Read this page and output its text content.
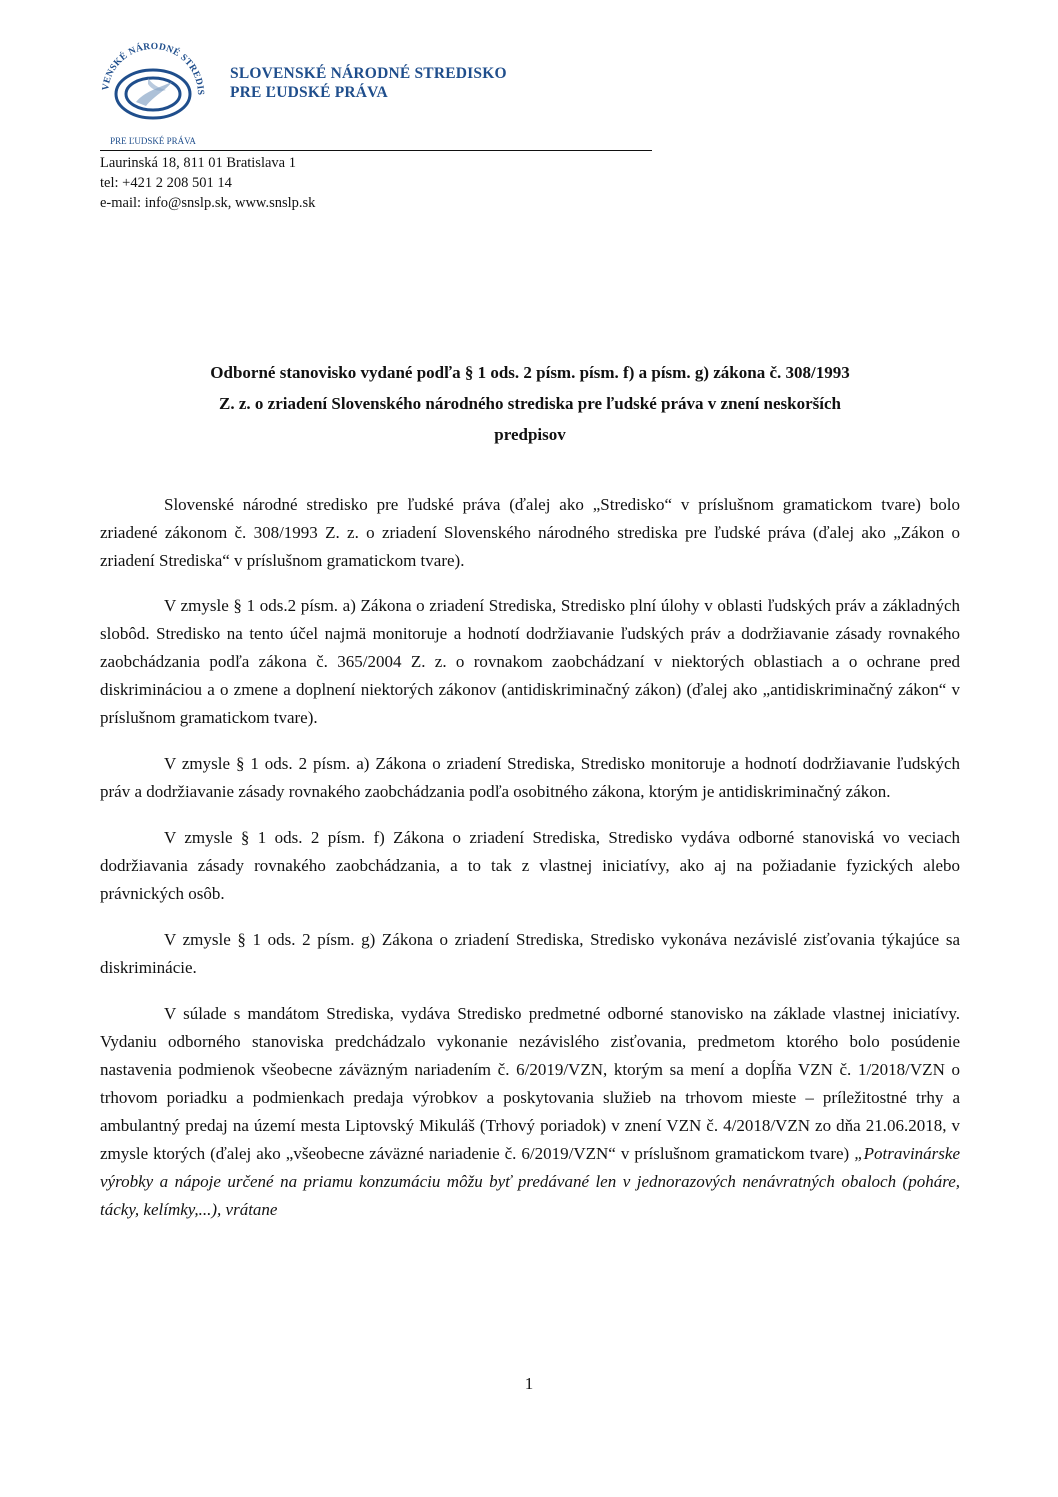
VENSKÉ NÁRODNÉ STREDIS
PRE ĽUDSKÉ PRÁVA
SLOVENSKÉ NÁRODNÉ STREDISKO
PRE ĽUDSKÉ PRÁVA
Laurinská 18, 811 01 Bratislava 1
tel: +421 2 208 501 14
e-mail: info@snslp.sk, www.snslp.sk
Odborné stanovisko vydané podľa § 1 ods. 2 písm. písm. f) a písm. g) zákona č. 308/1993
Z. z. o zriadení Slovenského národného strediska pre ľudské práva v znení neskorších
predpisov

Slovenské národné stredisko pre ľudské práva (ďalej ako „Stredisko“ v príslušnom gramatickom tvare) bolo zriadené zákonom č. 308/1993 Z. z. o zriadení Slovenského národného strediska pre ľudské práva (ďalej ako „Zákon o zriadení Strediska“ v príslušnom gramatickom tvare).

V zmysle § 1 ods.2 písm. a) Zákona o zriadení Strediska, Stredisko plní úlohy v oblasti ľudských práv a základných slobôd. Stredisko na tento účel najmä monitoruje a hodnotí dodržiavanie ľudských práv a dodržiavanie zásady rovnakého zaobchádzania podľa zákona č. 365/2004 Z. z. o rovnakom zaobchádzaní v niektorých oblastiach a o ochrane pred diskrimináciou a o zmene a doplnení niektorých zákonov (antidiskriminačný zákon) (ďalej ako „antidiskriminačný zákon“ v príslušnom gramatickom tvare).

V zmysle § 1 ods. 2 písm. a) Zákona o zriadení Strediska, Stredisko monitoruje a hodnotí dodržiavanie ľudských práv a dodržiavanie zásady rovnakého zaobchádzania podľa osobitného zákona, ktorým je antidiskriminačný zákon.

V zmysle § 1 ods. 2 písm. f) Zákona o zriadení Strediska, Stredisko vydáva odborné stanoviská vo veciach dodržiavania zásady rovnakého zaobchádzania, a to tak z vlastnej iniciatívy, ako aj na požiadanie fyzických alebo právnických osôb.

V zmysle § 1 ods. 2 písm. g) Zákona o zriadení Strediska, Stredisko vykonáva nezávislé zisťovania týkajúce sa diskriminácie.

V súlade s mandátom Strediska, vydáva Stredisko predmetné odborné stanovisko na základe vlastnej iniciatívy. Vydaniu odborného stanoviska predchádzalo vykonanie nezávislého zisťovania, predmetom ktorého bolo posúdenie nastavenia podmienok všeobecne záväzným nariadením č. 6/2019/VZN, ktorým sa mení a dopĺňa VZN č. 1/2018/VZN o trhovom poriadku a podmienkach predaja výrobkov a poskytovania služieb na trhovom mieste – príležitostné trhy a ambulantný predaj na území mesta Liptovský Mikuláš (Trhový poriadok) v znení VZN č. 4/2018/VZN zo dňa 21.06.2018, v zmysle ktorých (ďalej ako „všeobecne záväzné nariadenie č. 6/2019/VZN“ v príslušnom gramatickom tvare) „Potravinárske výrobky a nápoje určené na priamu konzumáciu môžu byť predávané len v jednorazových nenávratných obaloch (poháre, tácky, kelímky,...), vrátane

1
